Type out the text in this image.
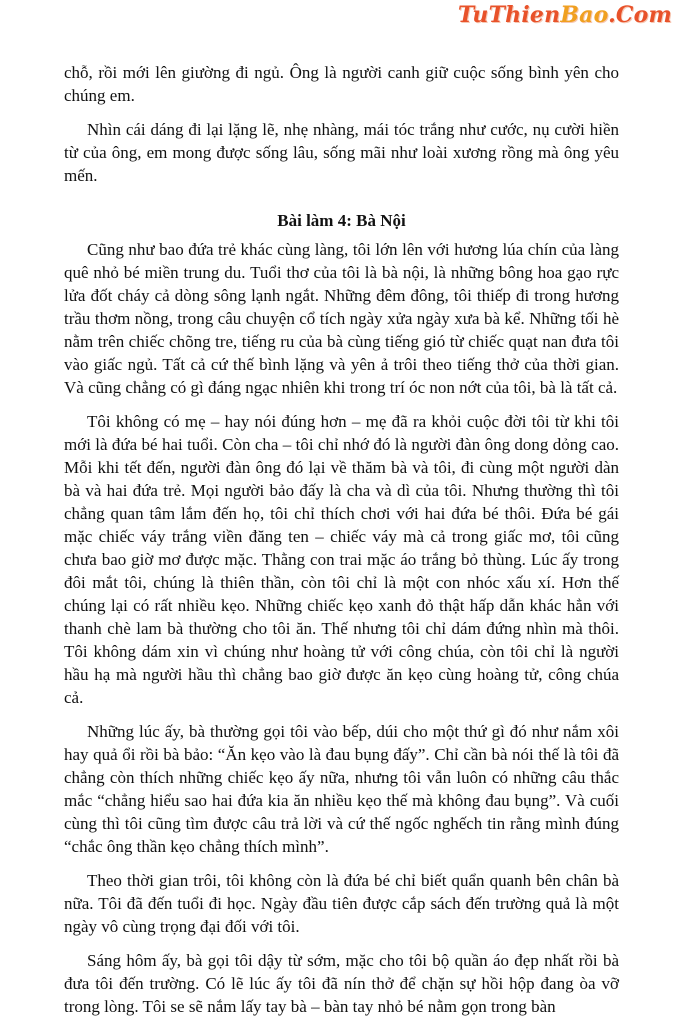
TuThienBao.Com

chỗ, rồi mới lên giường đi ngủ. Ông là người canh giữ cuộc sống bình yên cho chúng em.

Nhìn cái dáng đi lại lặng lẽ, nhẹ nhàng, mái tóc trắng như cước, nụ cười hiền từ của ông, em mong được sống lâu, sống mãi như loài xương rồng mà ông yêu mến.

Bài làm 4: Bà Nội

Cũng như bao đứa trẻ khác cùng làng, tôi lớn lên với hương lúa chín của làng quê nhỏ bé miền trung du. Tuổi thơ của tôi là bà nội, là những bông hoa gạo rực lửa đốt cháy cả dòng sông lạnh ngắt. Những đêm đông, tôi thiếp đi trong hương trầu thơm nồng, trong câu chuyện cổ tích ngày xửa ngày xưa bà kể. Những tối hè nằm trên chiếc chõng tre, tiếng ru của bà cùng tiếng gió từ chiếc quạt nan đưa tôi vào giấc ngủ. Tất cả cứ thế bình lặng và yên ả trôi theo tiếng thở của thời gian. Và cũng chẳng có gì đáng ngạc nhiên khi trong trí óc non nớt của tôi, bà là tất cả.

Tôi không có mẹ – hay nói đúng hơn – mẹ đã ra khỏi cuộc đời tôi từ khi tôi mới là đứa bé hai tuổi. Còn cha – tôi chỉ nhớ đó là người đàn ông dong dỏng cao. Mỗi khi tết đến, người đàn ông đó lại về thăm bà và tôi, đi cùng một người dàn bà và hai đứa trẻ. Mọi người bảo đấy là cha và dì của tôi. Nhưng thường thì tôi chẳng quan tâm lắm đến họ, tôi chỉ thích chơi với hai đứa bé thôi. Đứa bé gái mặc chiếc váy trắng viền đăng ten – chiếc váy mà cả trong giấc mơ, tôi cũng chưa bao giờ mơ được mặc. Thằng con trai mặc áo trắng bỏ thùng. Lúc ấy trong đôi mắt tôi, chúng là thiên thần, còn tôi chỉ là một con nhóc xấu xí. Hơn thế chúng lại có rất nhiều kẹo. Những chiếc kẹo xanh đỏ thật hấp dẫn khác hẳn với thanh chè lam bà thường cho tôi ăn. Thế nhưng tôi chỉ dám đứng nhìn mà thôi. Tôi không dám xin vì chúng như hoàng tử với công chúa, còn tôi chỉ là người hầu hạ mà người hầu thì chẳng bao giờ được ăn kẹo cùng hoàng tử, công chúa cả.

Những lúc ấy, bà thường gọi tôi vào bếp, dúi cho một thứ gì đó như nắm xôi hay quả ổi rồi bà bảo: “Ăn kẹo vào là đau bụng đấy”. Chỉ cần bà nói thế là tôi đã chẳng còn thích những chiếc kẹo ấy nữa, nhưng tôi vẫn luôn có những câu thắc mắc “chẳng hiểu sao hai đứa kia ăn nhiều kẹo thế mà không đau bụng”. Và cuối cùng thì tôi cũng tìm được câu trả lời và cứ thế ngốc nghếch tin rằng mình đúng “chắc ông thần kẹo chẳng thích mình”.

Theo thời gian trôi, tôi không còn là đứa bé chỉ biết quẩn quanh bên chân bà nữa. Tôi đã đến tuổi đi học. Ngày đầu tiên được cắp sách đến trường quả là một ngày vô cùng trọng đại đối với tôi.

Sáng hôm ấy, bà gọi tôi dậy từ sớm, mặc cho tôi bộ quần áo đẹp nhất rồi bà đưa tôi đến trường. Có lẽ lúc ấy tôi đã nín thở để chặn sự hồi hộp đang òa vỡ trong lòng. Tôi se sẽ nắm lấy tay bà – bàn tay nhỏ bé nằm gọn trong bàn
